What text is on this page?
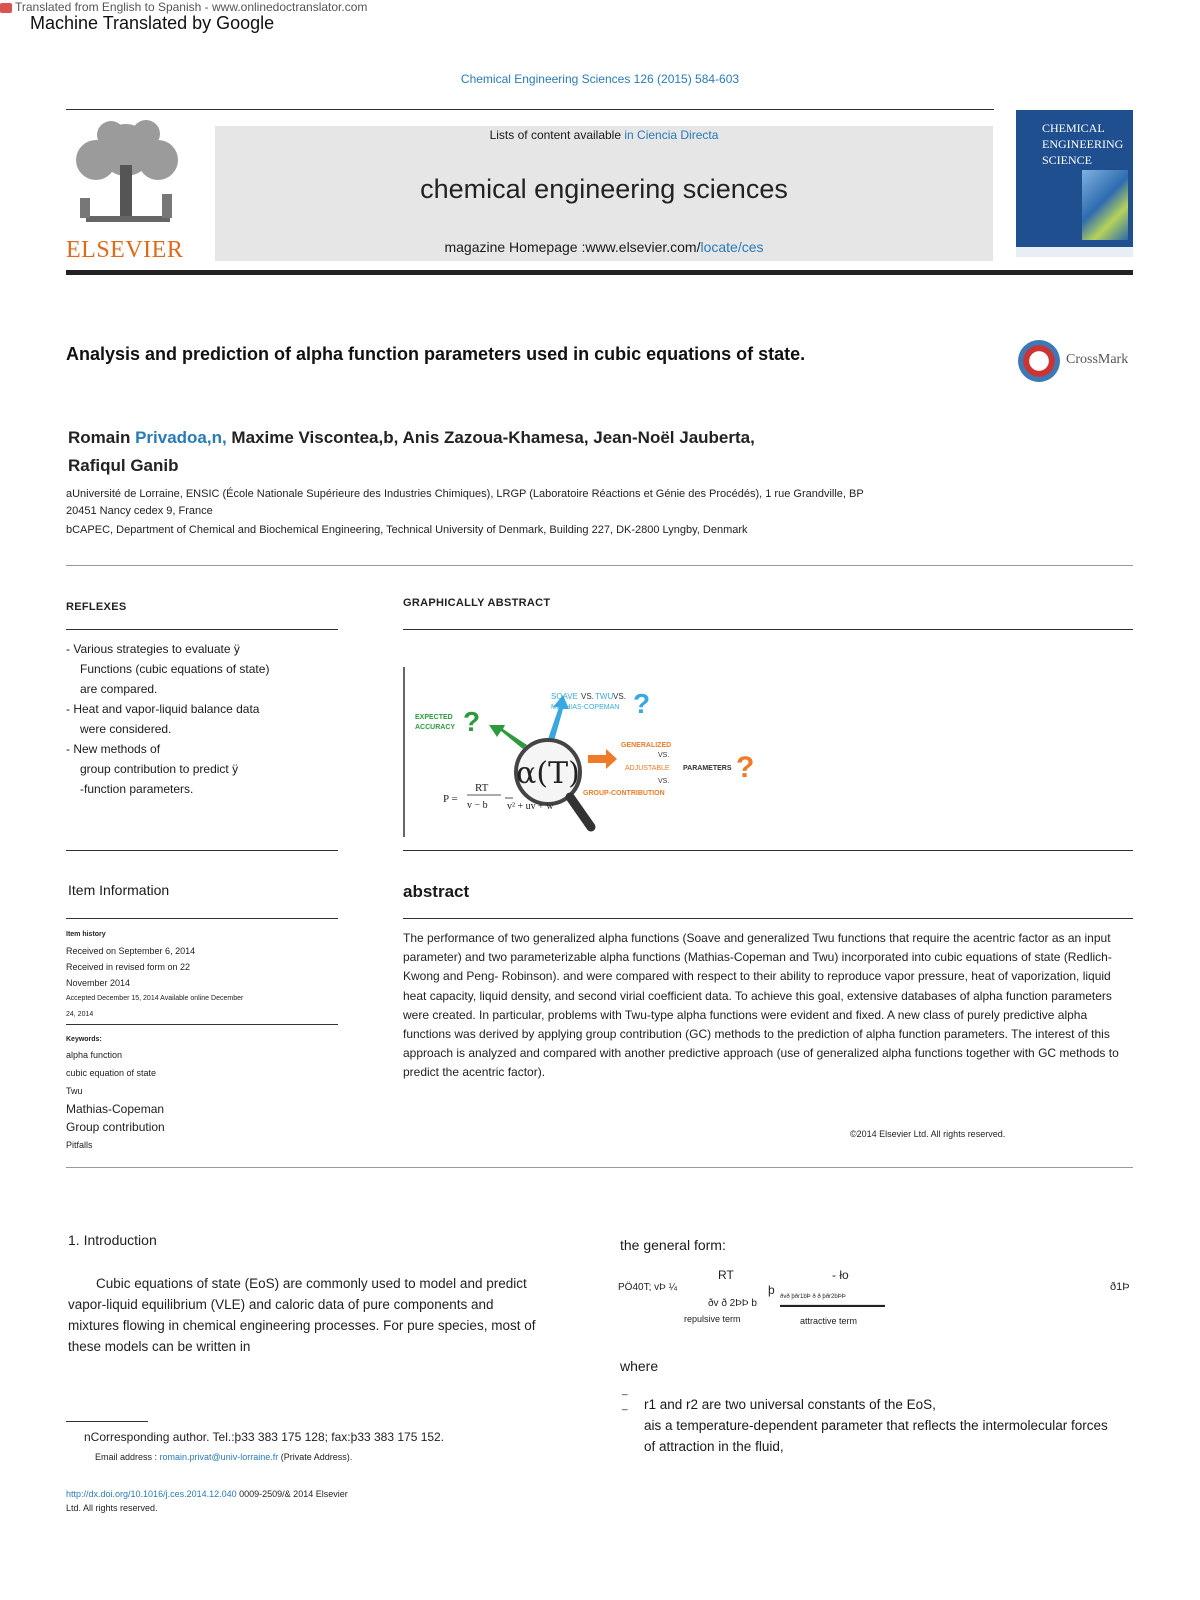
Translated from English to Spanish - www.onlinedoctranslator.com
Machine Translated by Google
Chemical Engineering Sciences 126 (2015) 584-603
ELSEVIER
Lists of content available in Ciencia Directa
chemical engineering sciences
magazine Homepage :www.elsevier.com/locate/ces
CHEMICAL
ENGINEERING
SCIENCE
Analysis and prediction of alpha function parameters used in cubic equations of state.	CrossMark
Romain Privadoa,n, Maxime Viscontea,b, Anis Zazoua-Khamesa, Jean-Noël Jauberta,
Rafiqul Ganib
aUniversité de Lorraine, ENSIC (École Nationale Supérieure des Industries Chimiques), LRGP (Laboratoire Réactions et Génie des Procédés), 1 rue Grandville, BP
20451 Nancy cedex 9, France
bCAPEC, Department of Chemical and Biochemical Engineering, Technical University of Denmark, Building 227, DK-2800 Lyngby, Denmark
REFLEXES
- Various strategies to evaluate ÿ
Functions (cubic equations of state)
are compared.
- Heat and vapor-liquid balance data
were considered.
- New methods of
group contribution to predict ÿ
-function parameters.
GRAPHICALLY ABSTRACT
α(T)
EXPECTED
ACCURACY ?
SOAVE VS. TWU VS.
MATHIAS-COPEMAN ?
GENERALIZED
VS.
ADJUSTABLE PARAMETERS
VS.
GROUP-CONTRIBUTION
?
P =
RT
v − b v² + uv + w
Item Information
Item history
Received on September 6, 2014
Received in revised form on 22
November 2014
Accepted December 15, 2014 Available online December
24, 2014
Keywords:
alpha function
cubic equation of state
Twu
Mathias-Copeman
Group contribution
Pitfalls
abstract
The performance of two generalized alpha functions (Soave and generalized Twu functions that require the acentric factor as an input parameter) and two parameterizable alpha functions (Mathias-Copeman and Twu) incorporated into cubic equations of state (Redlich-Kwong and Peng- Robinson). and were compared with respect to their ability to reproduce vapor pressure, heat of vaporization, liquid heat capacity, liquid density, and second virial coefficient data. To achieve this goal, extensive databases of alpha function parameters were created. In particular, problems with Twu-type alpha functions were evident and fixed. A new class of purely predictive alpha functions was derived by applying group contribution (GC) methods to the prediction of alpha function parameters. The interest of this approach is analyzed and compared with another predictive approach (use of generalized alpha functions together with GC methods to predict the acentric factor).
©2014 Elsevier Ltd. All rights reserved.
1. Introduction
Cubic equations of state (EoS) are commonly used to model and predict vapor-liquid equilibrium (VLE) and caloric data of pure components and mixtures flowing in chemical engineering processes. For pure species, most of these models can be written in
nCorresponding author. Tel.:þ33 383 175 128; fax:þ33 383 175 152.
Email address : romain.privat@univ-lorraine.fr (Private Address).
http://dx.doi.org/10.1016/j.ces.2014.12.040 0009-2509/& 2014 Elsevier
Ltd. All rights reserved.
the general form:
RT	- ło
PÖ40T; vÞ ¼	þ
ðv ð 2ÞÞ b
ðvð þðr1bÞ ð ð þðr2bÞÞ
▬▬▬▬▬▬▬▬▬▬▬▬▬▬▬
repulsive term	attractive term
ð1Þ
where
_
_	r1 and r2 are two universal constants of the EoS,
ais a temperature-dependent parameter that reflects the intermolecular forces of attraction in the fluid,
